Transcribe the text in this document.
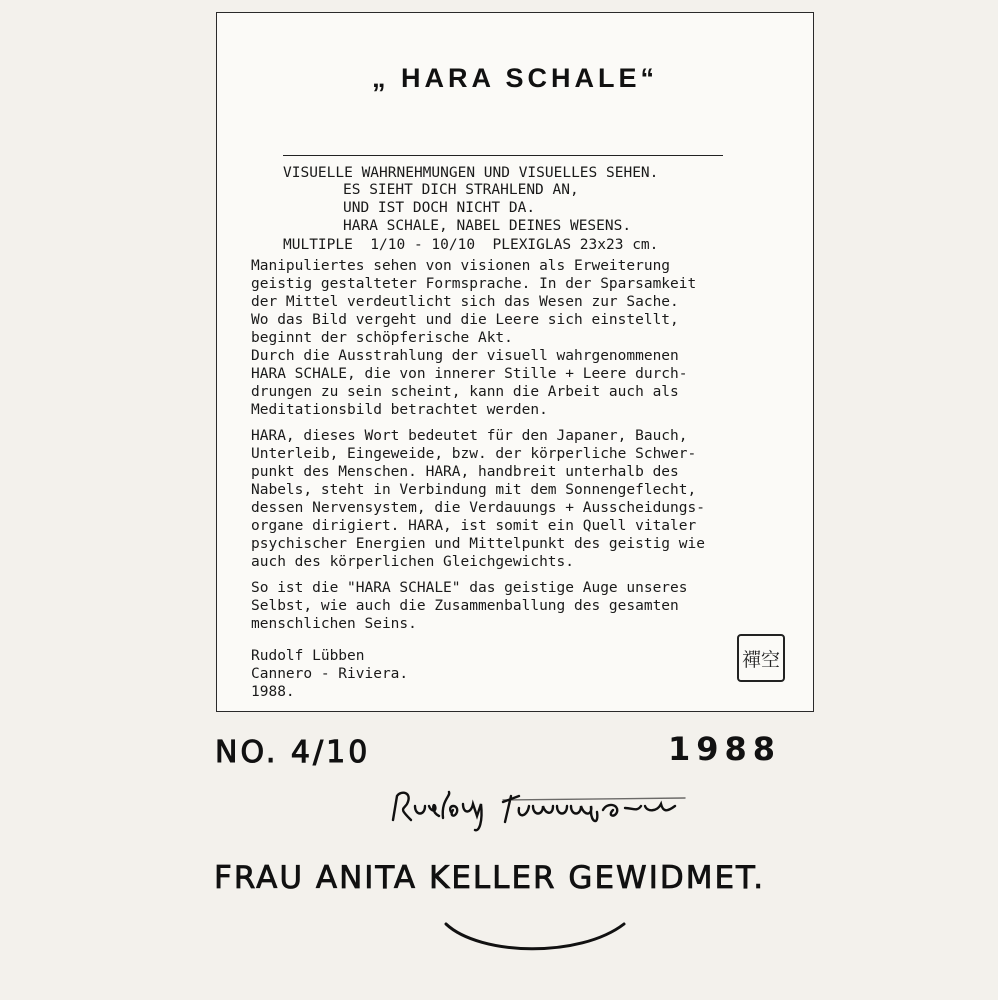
„ HARA SCHALE“

VISUELLE WAHRNEHMUNGEN UND VISUELLES SEHEN.

MULTIPLE  1/10 - 10/10  PLEXIGLAS 23x23 cm.

ES SIEHT DICH STRAHLEND AN,
UND IST DOCH NICHT DA.
HARA SCHALE, NABEL DEINES WESENS.
Manipuliertes sehen von visionen als Erweiterung
geistig gestalteter Formsprache. In der Sparsamkeit
der Mittel verdeutlicht sich das Wesen zur Sache.
Wo das Bild vergeht und die Leere sich einstellt,
beginnt der schöpferische Akt.
Durch die Ausstrahlung der visuell wahrgenommenen
HARA SCHALE, die von innerer Stille + Leere durch-
drungen zu sein scheint, kann die Arbeit auch als
Meditationsbild betrachtet werden.
HARA, dieses Wort bedeutet für den Japaner, Bauch,
Unterleib, Eingeweide, bzw. der körperliche Schwer-
punkt des Menschen. HARA, handbreit unterhalb des
Nabels, steht in Verbindung mit dem Sonnengeflecht,
dessen Nervensystem, die Verdauungs + Ausscheidungs-
organe dirigiert. HARA, ist somit ein Quell vitaler
psychischer Energien und Mittelpunkt des geistig wie
auch des körperlichen Gleichgewichts.
So ist die "HARA SCHALE" das geistige Auge unseres
Selbst, wie auch die Zusammenballung des gesamten
menschlichen Seins.
Rudolf Lübben
Cannero - Riviera.
1988.
禪空
NO. 4/10	1988
FRAU ANITA KELLER GEWIDMET.
